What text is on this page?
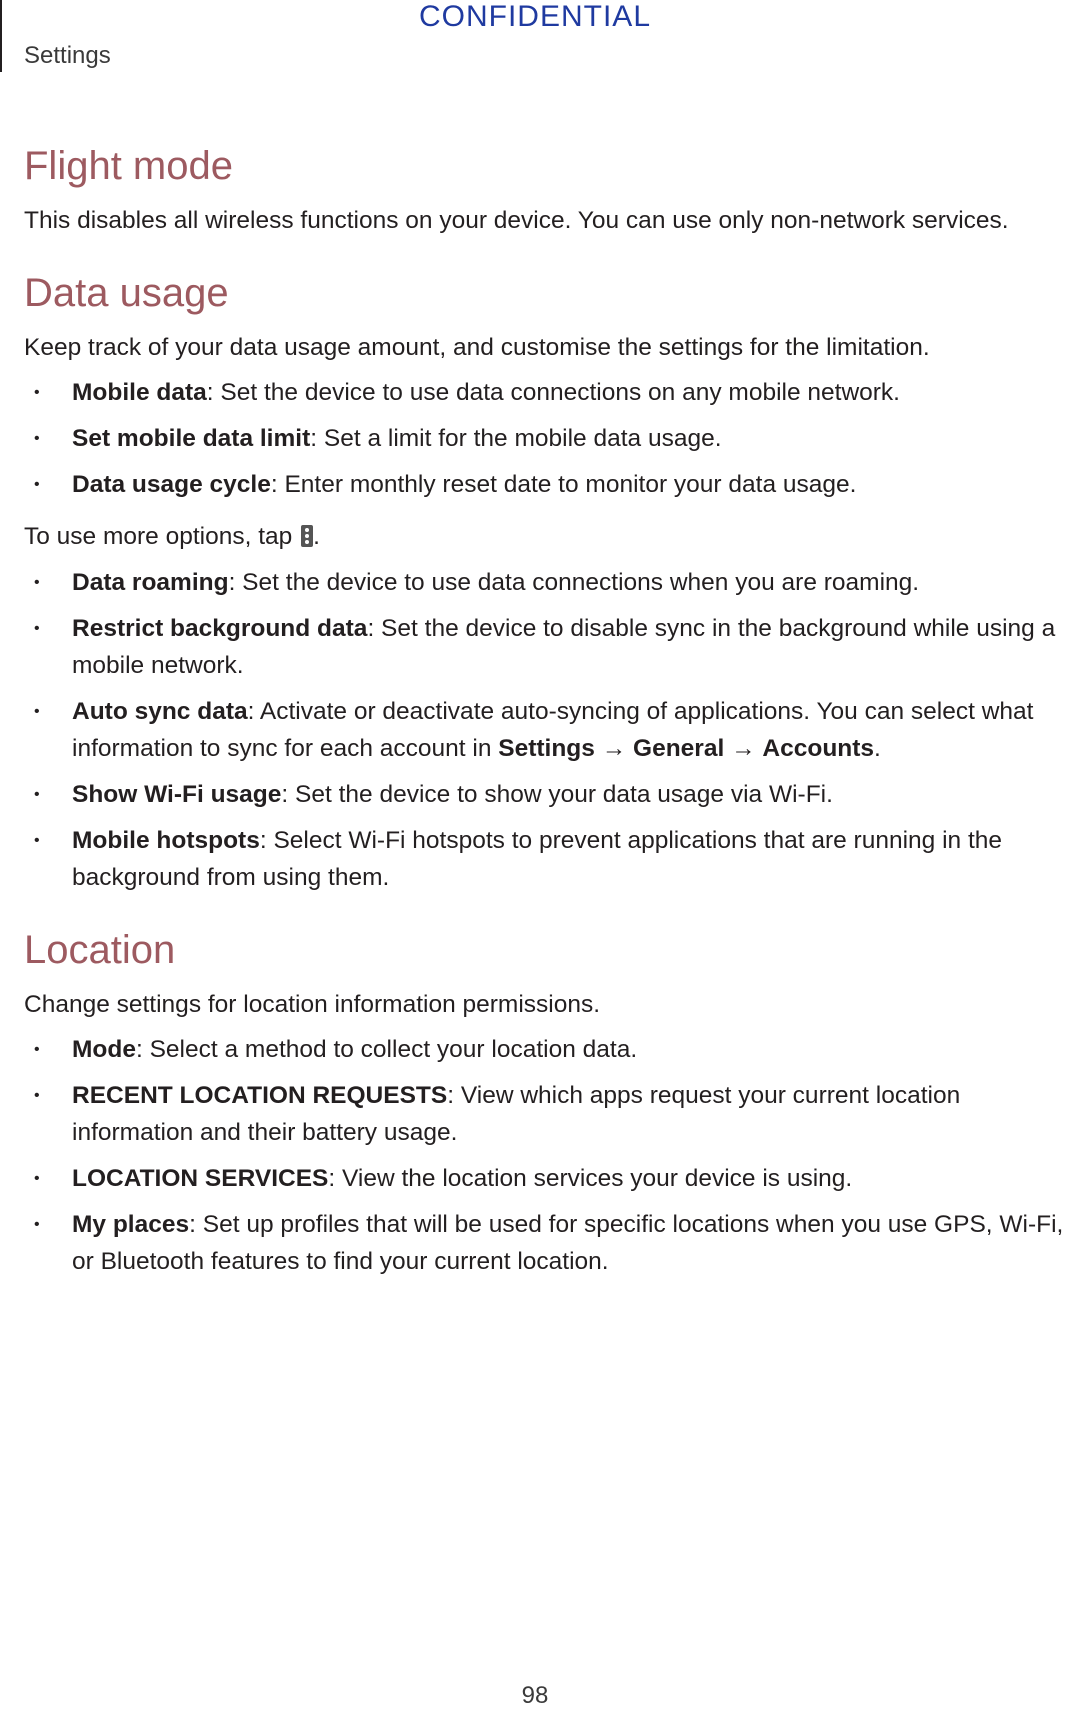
CONFIDENTIAL
Settings
Flight mode

This disables all wireless functions on your device. You can use only non-network services.

Data usage

Keep track of your data usage amount, and customise the settings for the limitation.

• Mobile data: Set the device to use data connections on any mobile network.
• Set mobile data limit: Set a limit for the mobile data usage.
• Data usage cycle: Enter monthly reset date to monitor your data usage.

To use more options, tap .

• Data roaming: Set the device to use data connections when you are roaming.
• Restrict background data: Set the device to disable sync in the background while using a mobile network.
• Auto sync data: Activate or deactivate auto-syncing of applications. You can select what information to sync for each account in Settings → General → Accounts.
• Show Wi-Fi usage: Set the device to show your data usage via Wi-Fi.
• Mobile hotspots: Select Wi-Fi hotspots to prevent applications that are running in the background from using them.
Location

Change settings for location information permissions.

• Mode: Select a method to collect your location data.
• RECENT LOCATION REQUESTS: View which apps request your current location information and their battery usage.
• LOCATION SERVICES: View the location services your device is using.
• My places: Set up profiles that will be used for specific locations when you use GPS, Wi-Fi, or Bluetooth features to find your current location.
98
